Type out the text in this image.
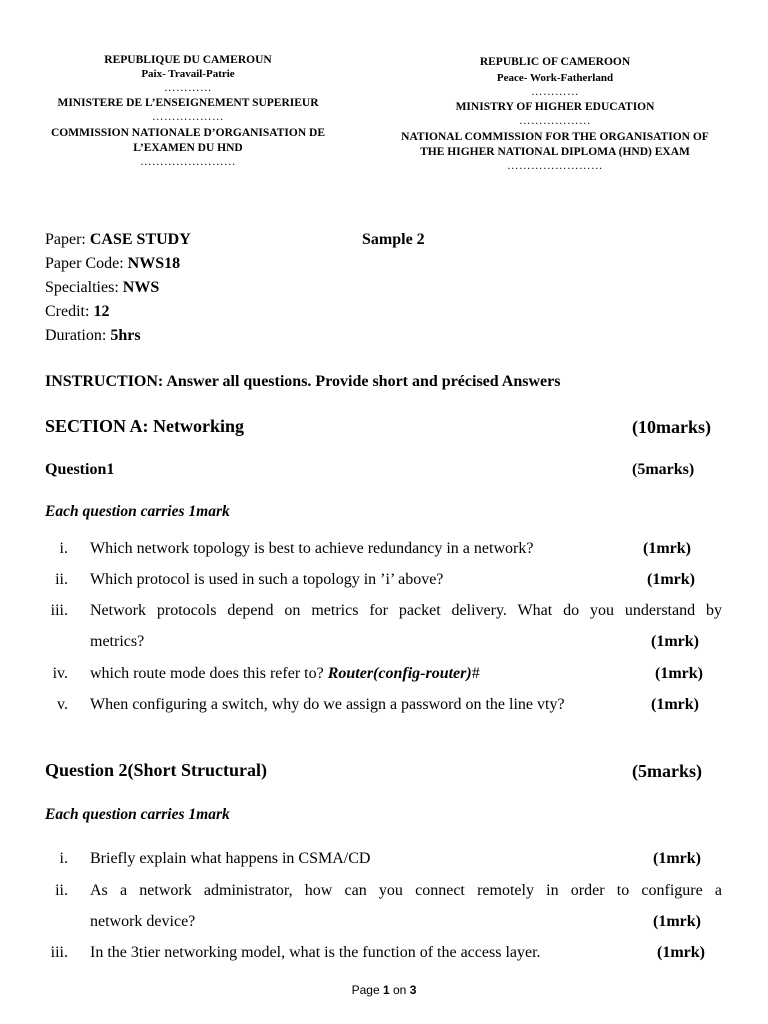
REPUBLIQUE DU CAMEROUN
Paix- Travail-Patrie
…………
MINISTERE DE L’ENSEIGNEMENT SUPERIEUR
………………
COMMISSION NATIONALE D’ORGANISATION DE
L’EXAMEN DU HND
……………………
REPUBLIC OF CAMEROON
Peace- Work-Fatherland
…………
MINISTRY OF HIGHER EDUCATION
………………
NATIONAL COMMISSION FOR THE ORGANISATION OF
THE HIGHER NATIONAL DIPLOMA (HND) EXAM
……………………
Paper: CASE STUDY
Paper Code: NWS18
Specialties: NWS
Credit: 12
Duration: 5hrs
Sample 2
INSTRUCTION: Answer all questions. Provide short and précised Answers
SECTION A: Networking	(10marks)
Question1	(5marks)
Each question carries 1mark
i. Which network topology is best to achieve redundancy in a network?	(1mrk)
ii. Which protocol is used in such a topology in ’i’ above?	(1mrk)
iii. Network protocols depend on metrics for packet delivery. What do you understand by
metrics?	(1mrk)
iv. which route mode does this refer to? Router(config-router)#	(1mrk)
v. When configuring a switch, why do we assign a password on the line vty?	(1mrk)
Question 2(Short Structural)	(5marks)
Each question carries 1mark
i. Briefly explain what happens in CSMA/CD	(1mrk)
ii. As a network administrator, how can you connect remotely in order to configure a
network device?	(1mrk)
iii. In the 3tier networking model, what is the function of the access layer.	(1mrk)
Page 1 on 3
